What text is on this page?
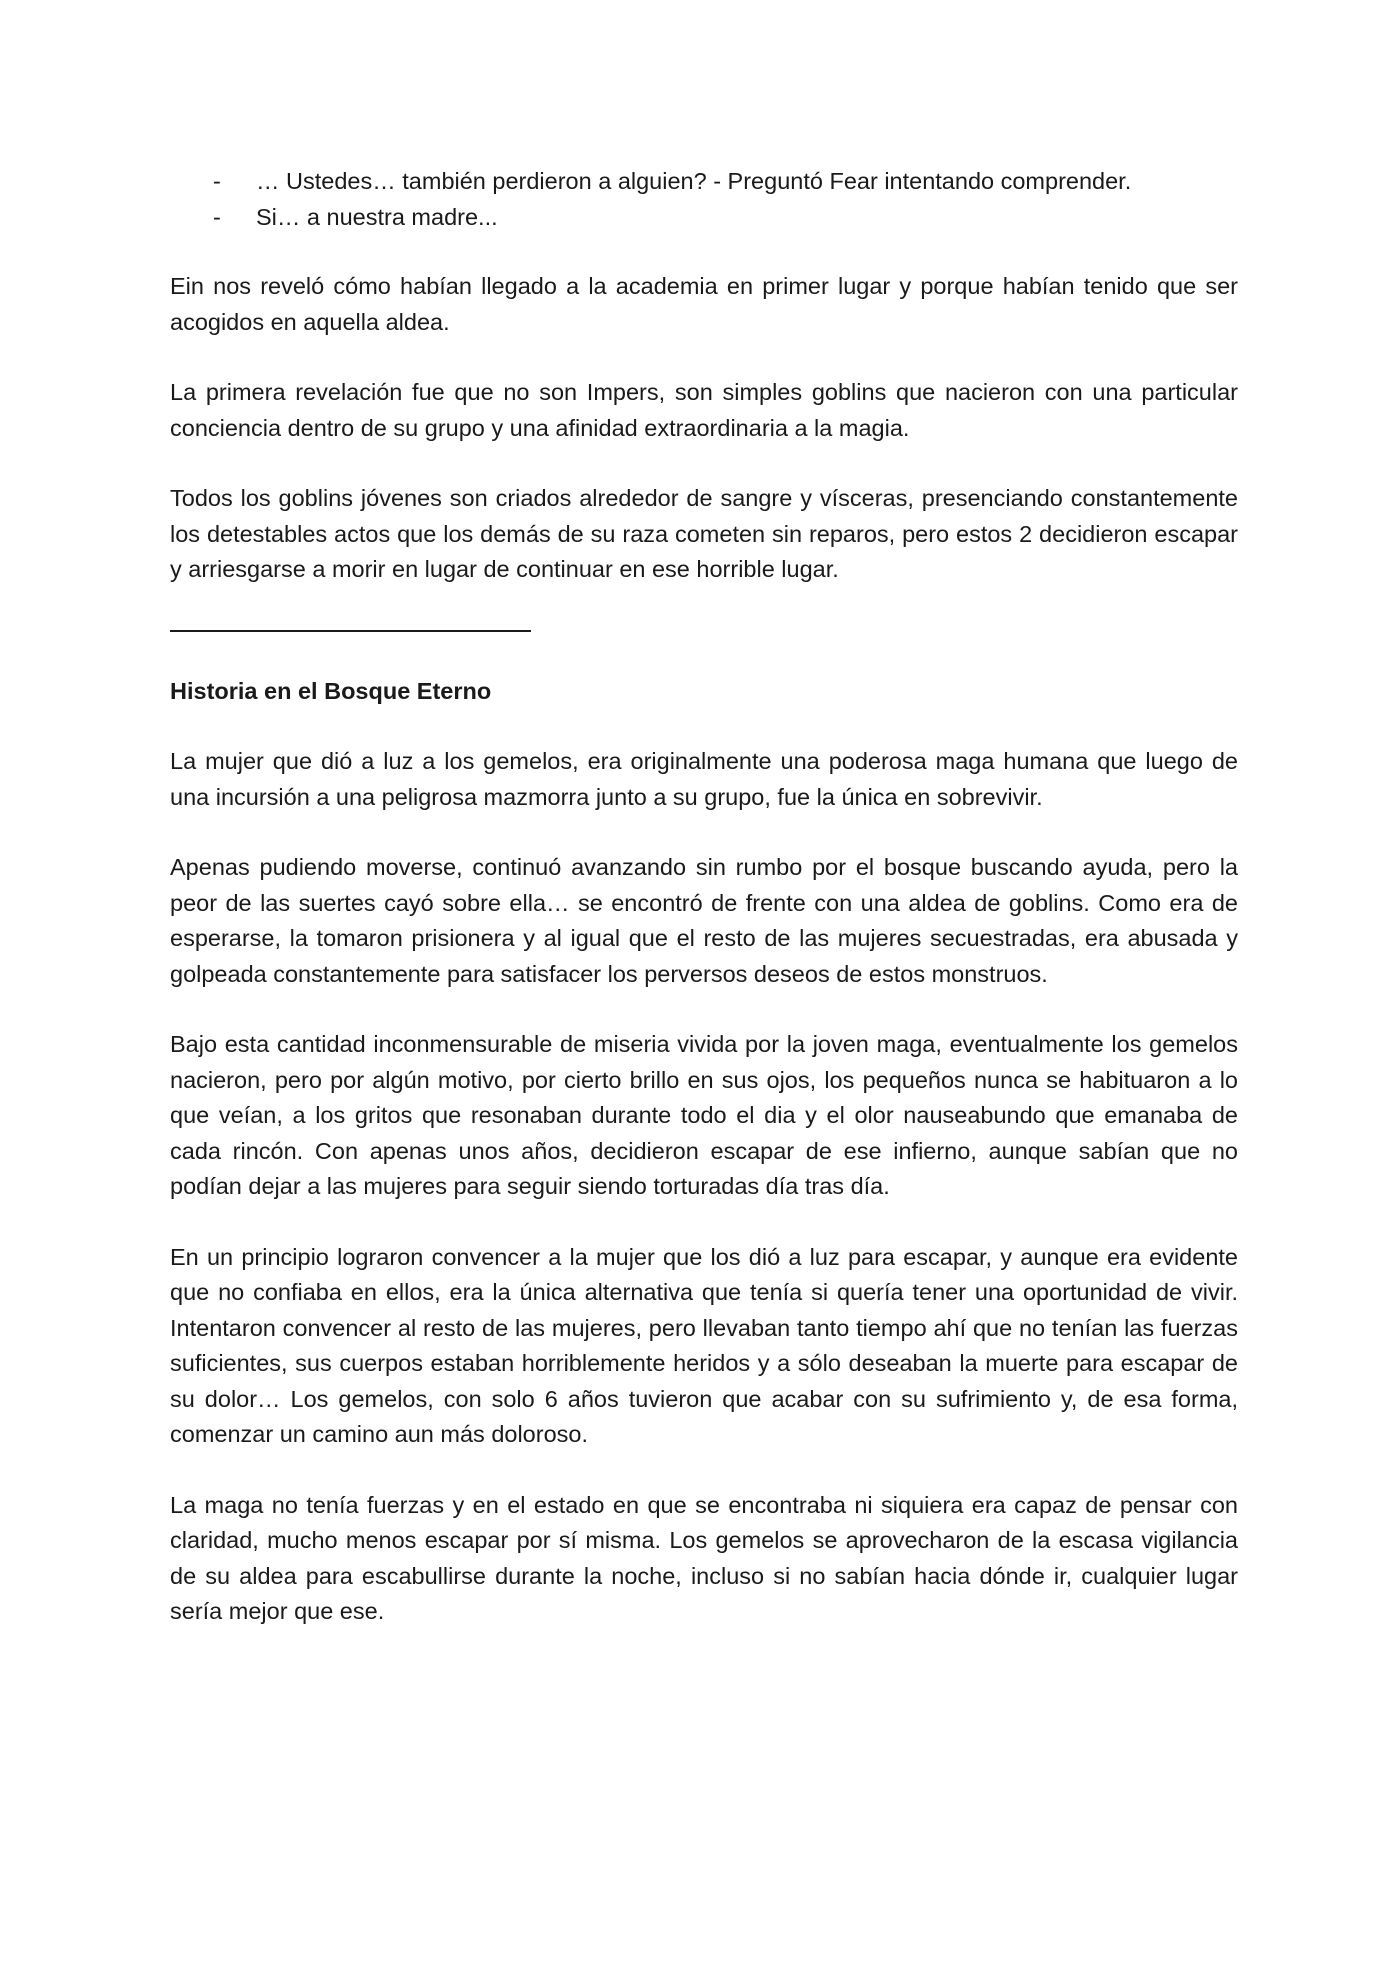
- … Ustedes… también perdieron a alguien? - Preguntó Fear intentando comprender.
- Si… a nuestra madre...

Ein nos reveló cómo habían llegado a la academia en primer lugar y porque habían tenido que ser acogidos en aquella aldea.

La primera revelación fue que no son Impers, son simples goblins que nacieron con una particular conciencia dentro de su grupo y una afinidad extraordinaria a la magia.

Todos los goblins jóvenes son criados alrededor de sangre y vísceras, presenciando constantemente los detestables actos que los demás de su raza cometen sin reparos, pero estos 2 decidieron escapar y arriesgarse a morir en lugar de continuar en ese horrible lugar.

Historia en el Bosque Eterno

La mujer que dió a luz a los gemelos, era originalmente una poderosa maga humana que luego de una incursión a una peligrosa mazmorra junto a su grupo, fue la única en sobrevivir.

Apenas pudiendo moverse, continuó avanzando sin rumbo por el bosque buscando ayuda, pero la peor de las suertes cayó sobre ella… se encontró de frente con una aldea de goblins. Como era de esperarse, la tomaron prisionera y al igual que el resto de las mujeres secuestradas, era abusada y golpeada constantemente para satisfacer los perversos deseos de estos monstruos.

Bajo esta cantidad inconmensurable de miseria vivida por la joven maga, eventualmente los gemelos nacieron, pero por algún motivo, por cierto brillo en sus ojos, los pequeños nunca se habituaron a lo que veían, a los gritos que resonaban durante todo el dia y el olor nauseabundo que emanaba de cada rincón. Con apenas unos años, decidieron escapar de ese infierno, aunque sabían que no podían dejar a las mujeres para seguir siendo torturadas día tras día.

En un principio lograron convencer a la mujer que los dió a luz para escapar, y aunque era evidente que no confiaba en ellos, era la única alternativa que tenía si quería tener una oportunidad de vivir. Intentaron convencer al resto de las mujeres, pero llevaban tanto tiempo ahí que no tenían las fuerzas suficientes, sus cuerpos estaban horriblemente heridos y a sólo deseaban la muerte para escapar de su dolor… Los gemelos, con solo 6 años tuvieron que acabar con su sufrimiento y, de esa forma, comenzar un camino aun más doloroso.

La maga no tenía fuerzas y en el estado en que se encontraba ni siquiera era capaz de pensar con claridad, mucho menos escapar por sí misma. Los gemelos se aprovecharon de la escasa vigilancia de su aldea para escabullirse durante la noche, incluso si no sabían hacia dónde ir, cualquier lugar sería mejor que ese.
